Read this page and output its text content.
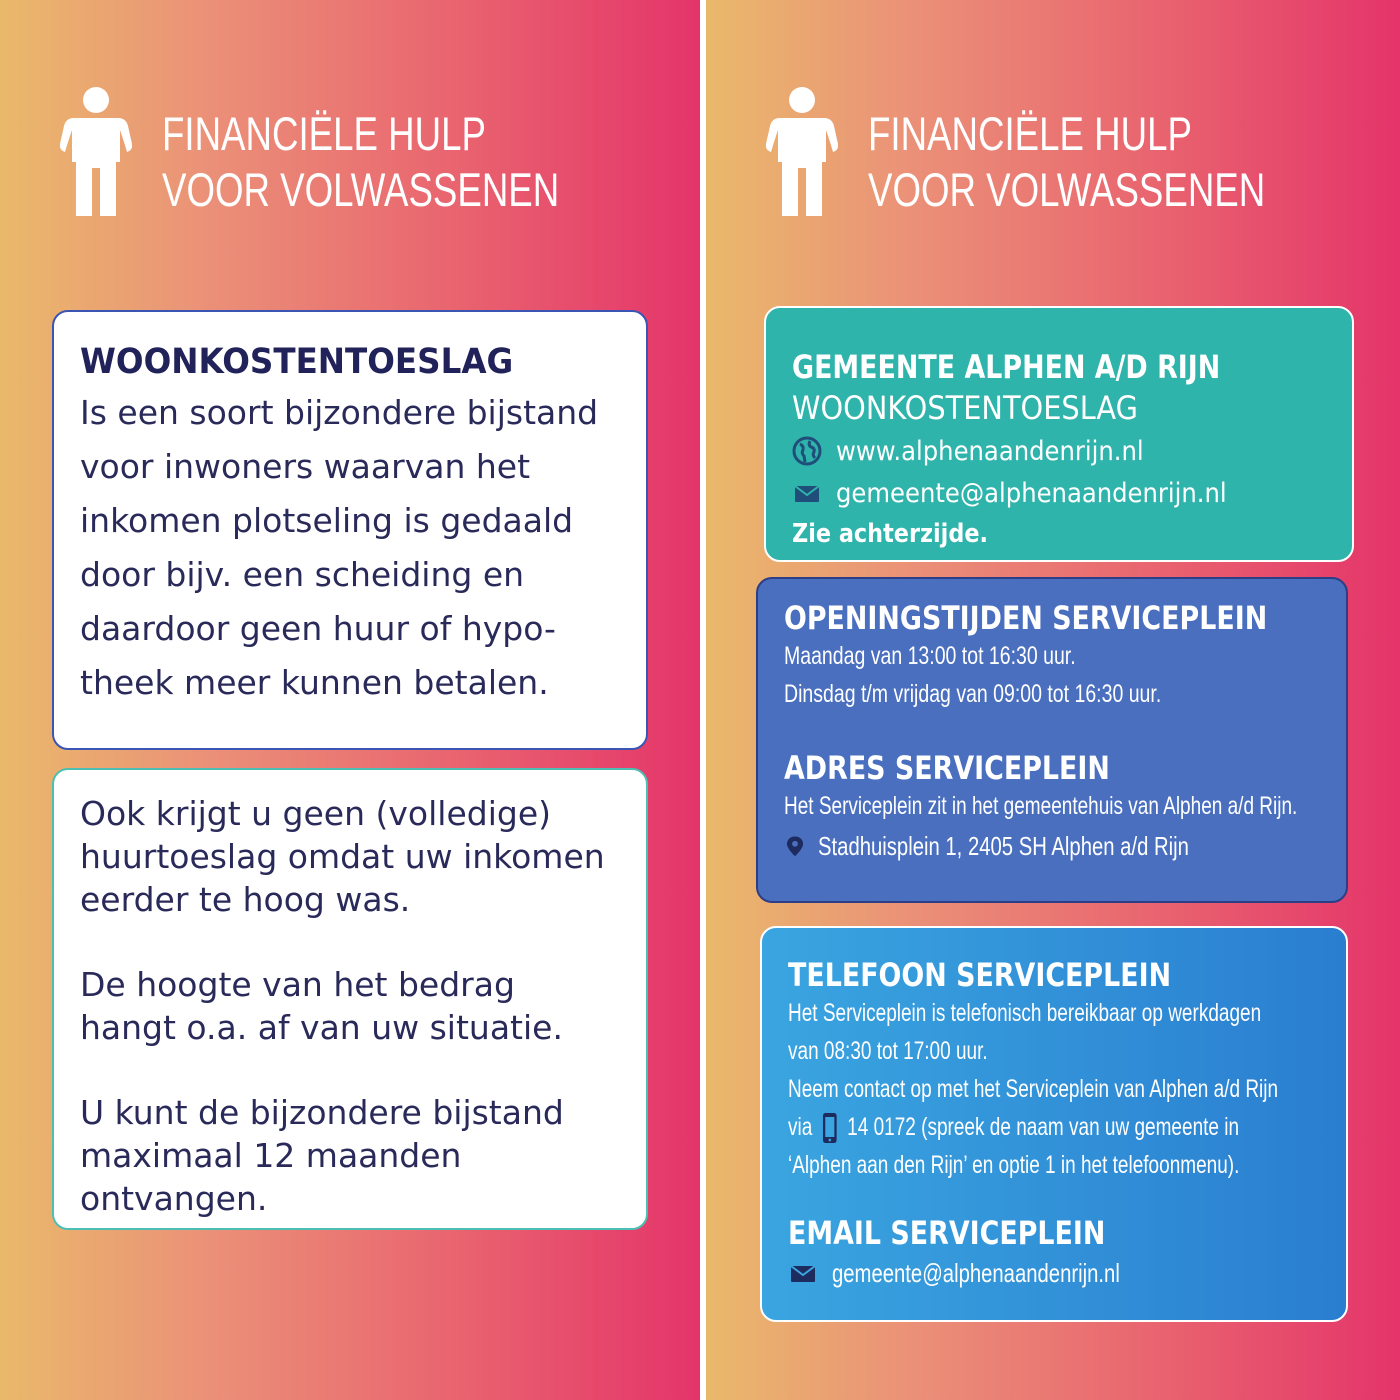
FINANCIËLE HULP
VOOR VOLWASSENEN
WOONKOSTENTOESLAG
Is een soort bijzondere bijstand
voor inwoners waarvan het
inkomen plotseling is gedaald
door bijv. een scheiding en
daardoor geen huur of hypo-
theek meer kunnen betalen.
Ook krijgt u geen (volledige)
huurtoeslag omdat uw inkomen
eerder te hoog was.
De hoogte van het bedrag
hangt o.a. af van uw situatie.
U kunt de bijzondere bijstand
maximaal 12 maanden ontvangen.
FINANCIËLE HULP
VOOR VOLWASSENEN
GEMEENTE ALPHEN A/D RIJN
WOONKOSTENTOESLAG
www.alphenaandenrijn.nl
gemeente@alphenaandenrijn.nl
Zie achterzijde.
OPENINGSTIJDEN SERVICEPLEIN
Maandag van 13:00 tot 16:30 uur.
Dinsdag t/m vrijdag van 09:00 tot 16:30 uur.
ADRES SERVICEPLEIN
Het Serviceplein zit in het gemeentehuis van Alphen a/d Rijn.
Stadhuisplein 1, 2405 SH Alphen a/d Rijn
TELEFOON SERVICEPLEIN
Het Serviceplein is telefonisch bereikbaar op werkdagen
van 08:30 tot 17:00 uur.
Neem contact op met het Serviceplein van Alphen a/d Rijn
via 14 0172 (spreek de naam van uw gemeente in
‘Alphen aan den Rijn’ en optie 1 in het telefoonmenu).
EMAIL SERVICEPLEIN
gemeente@alphenaandenrijn.nl
